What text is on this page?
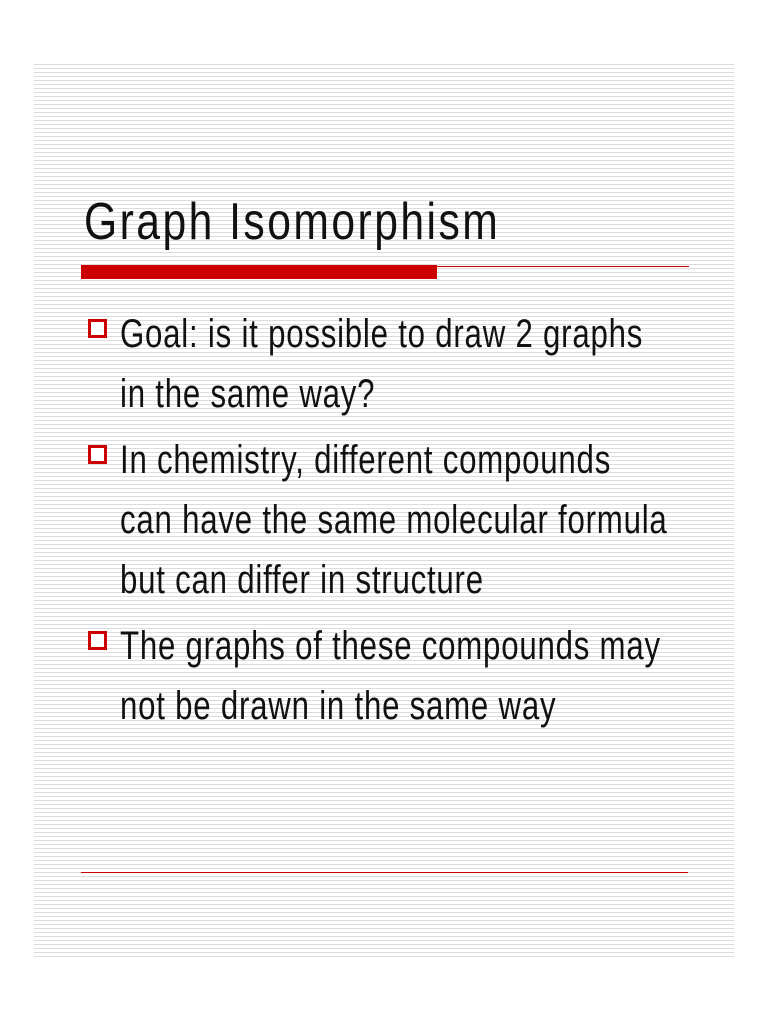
Graph Isomorphism
Goal: is it possible to draw 2 graphs
in the same way?
In chemistry, different compounds
can have the same molecular formula
but can differ in structure
The graphs of these compounds may
not be drawn in the same way
